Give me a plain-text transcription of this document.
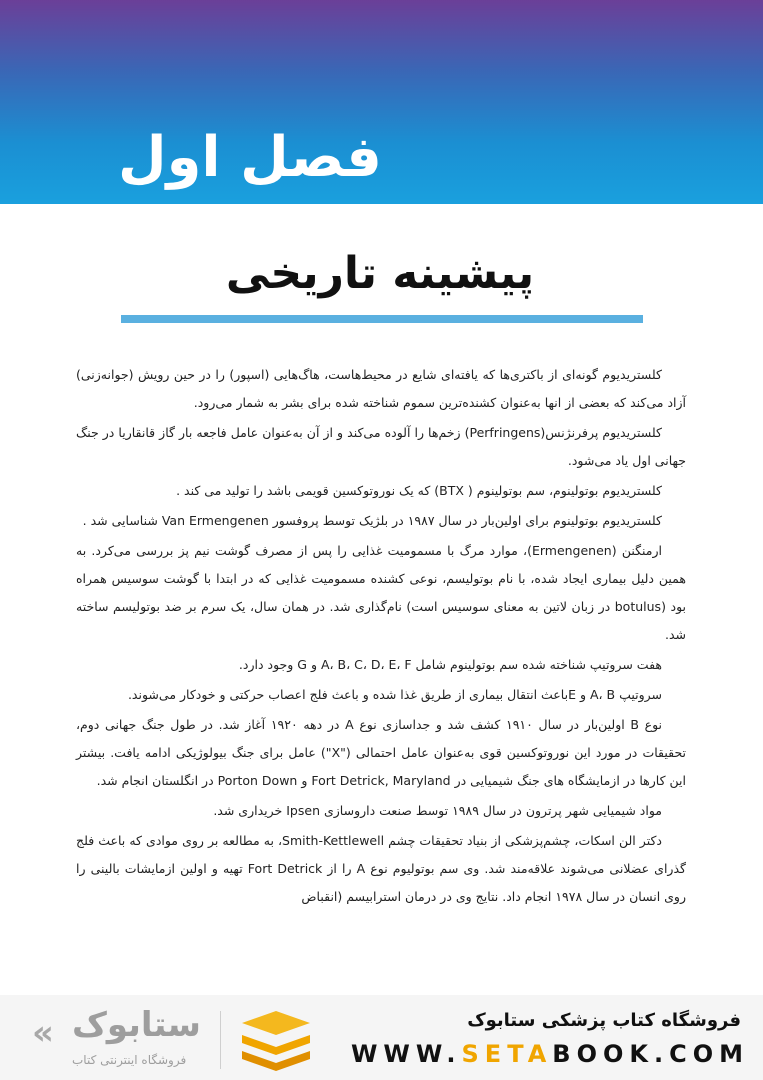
فصل اول
پیشینه تاریخی

کلستریدیوم گونه‌ای از باکتری‌ها که یافته‌ای شایع در محیط‌هاست، هاگ‌هایی (اسپور) را در حین رویش (جوانه‌زنی) آزاد می‌کند که بعضی از انها به‌عنوان کشنده‌ترین سموم شناخته شده برای بشر به شمار می‌رود.

کلستریدیوم پرفرنژنس(Perfringens) زخم‌ها را آلوده می‌کند و از آن به‌عنوان عامل فاجعه بار گاز قانقاریا در جنگ جهانی اول یاد می‌شود.

کلستریدیوم بوتولینوم، سم بوتولینوم ( BTX) که یک نوروتوکسین قویمی باشد را تولید می کند .

کلستریدیوم بوتولینوم برای اولین‌بار در سال ۱۹۸۷ در بلژیک توسط پروفسور Van Ermengenen شناسایی شد .

ارمنگنن (Ermengenen)، موارد مرگ با مسمومیت غذایی را پس از مصرف گوشت نیم پز بررسی می‌کرد. به همین دلیل بیماری ایجاد شده، با نام بوتولیسم، نوعی کشنده مسمومیت غذایی که در ابتدا با گوشت سوسیس همراه بود (botulus در زبان لاتین به معنای سوسیس است) نام‌گذاری شد. در همان سال، یک سرم بر ضد بوتولیسم ساخته شد.

هفت سروتیپ شناخته شده سم بوتولینوم شامل A، B، C، D، E، F و G وجود دارد.

سروتیپ A، B و Eباعث انتقال بیماری از طریق غذا شده و باعث فلج اعصاب حرکتی و خودکار می‌شوند.

نوع B اولین‌بار در سال ۱۹۱۰ کشف شد و جداسازی نوع A در دهه ۱۹۲۰ آغاز شد. در طول جنگ جهانی دوم، تحقیقات در مورد این نوروتوکسین قوی به‌عنوان عامل احتمالی ("X") عامل برای جنگ بیولوژیکی ادامه یافت. بیشتر این کارها در ازمایشگاه های جنگ شیمیایی در Fort Detrick, Maryland و Porton Down در انگلستان انجام شد.

مواد شیمیایی شهر پرترون در سال ۱۹۸۹ توسط صنعت داروسازی Ipsen خریداری شد.

دکتر الن اسکات، چشم‌پزشکی از بنیاد تحقیقات چشم Smith-Kettlewell، به مطالعه بر روی موادی که باعث فلج گذرای عضلانی می‌شوند علاقه‌مند شد. وی سم بوتولیوم نوع A را از Fort Detrick تهیه و اولین ازمایشات بالینی را روی انسان در سال ۱۹۷۸ انجام داد. نتایج وی در درمان استرابیسم (انقباض

« ستابوک
فروشگاه اینترنتی کتاب
فروشگاه کتاب پزشکی ستابوک
WWW.SETABOOK.COM
